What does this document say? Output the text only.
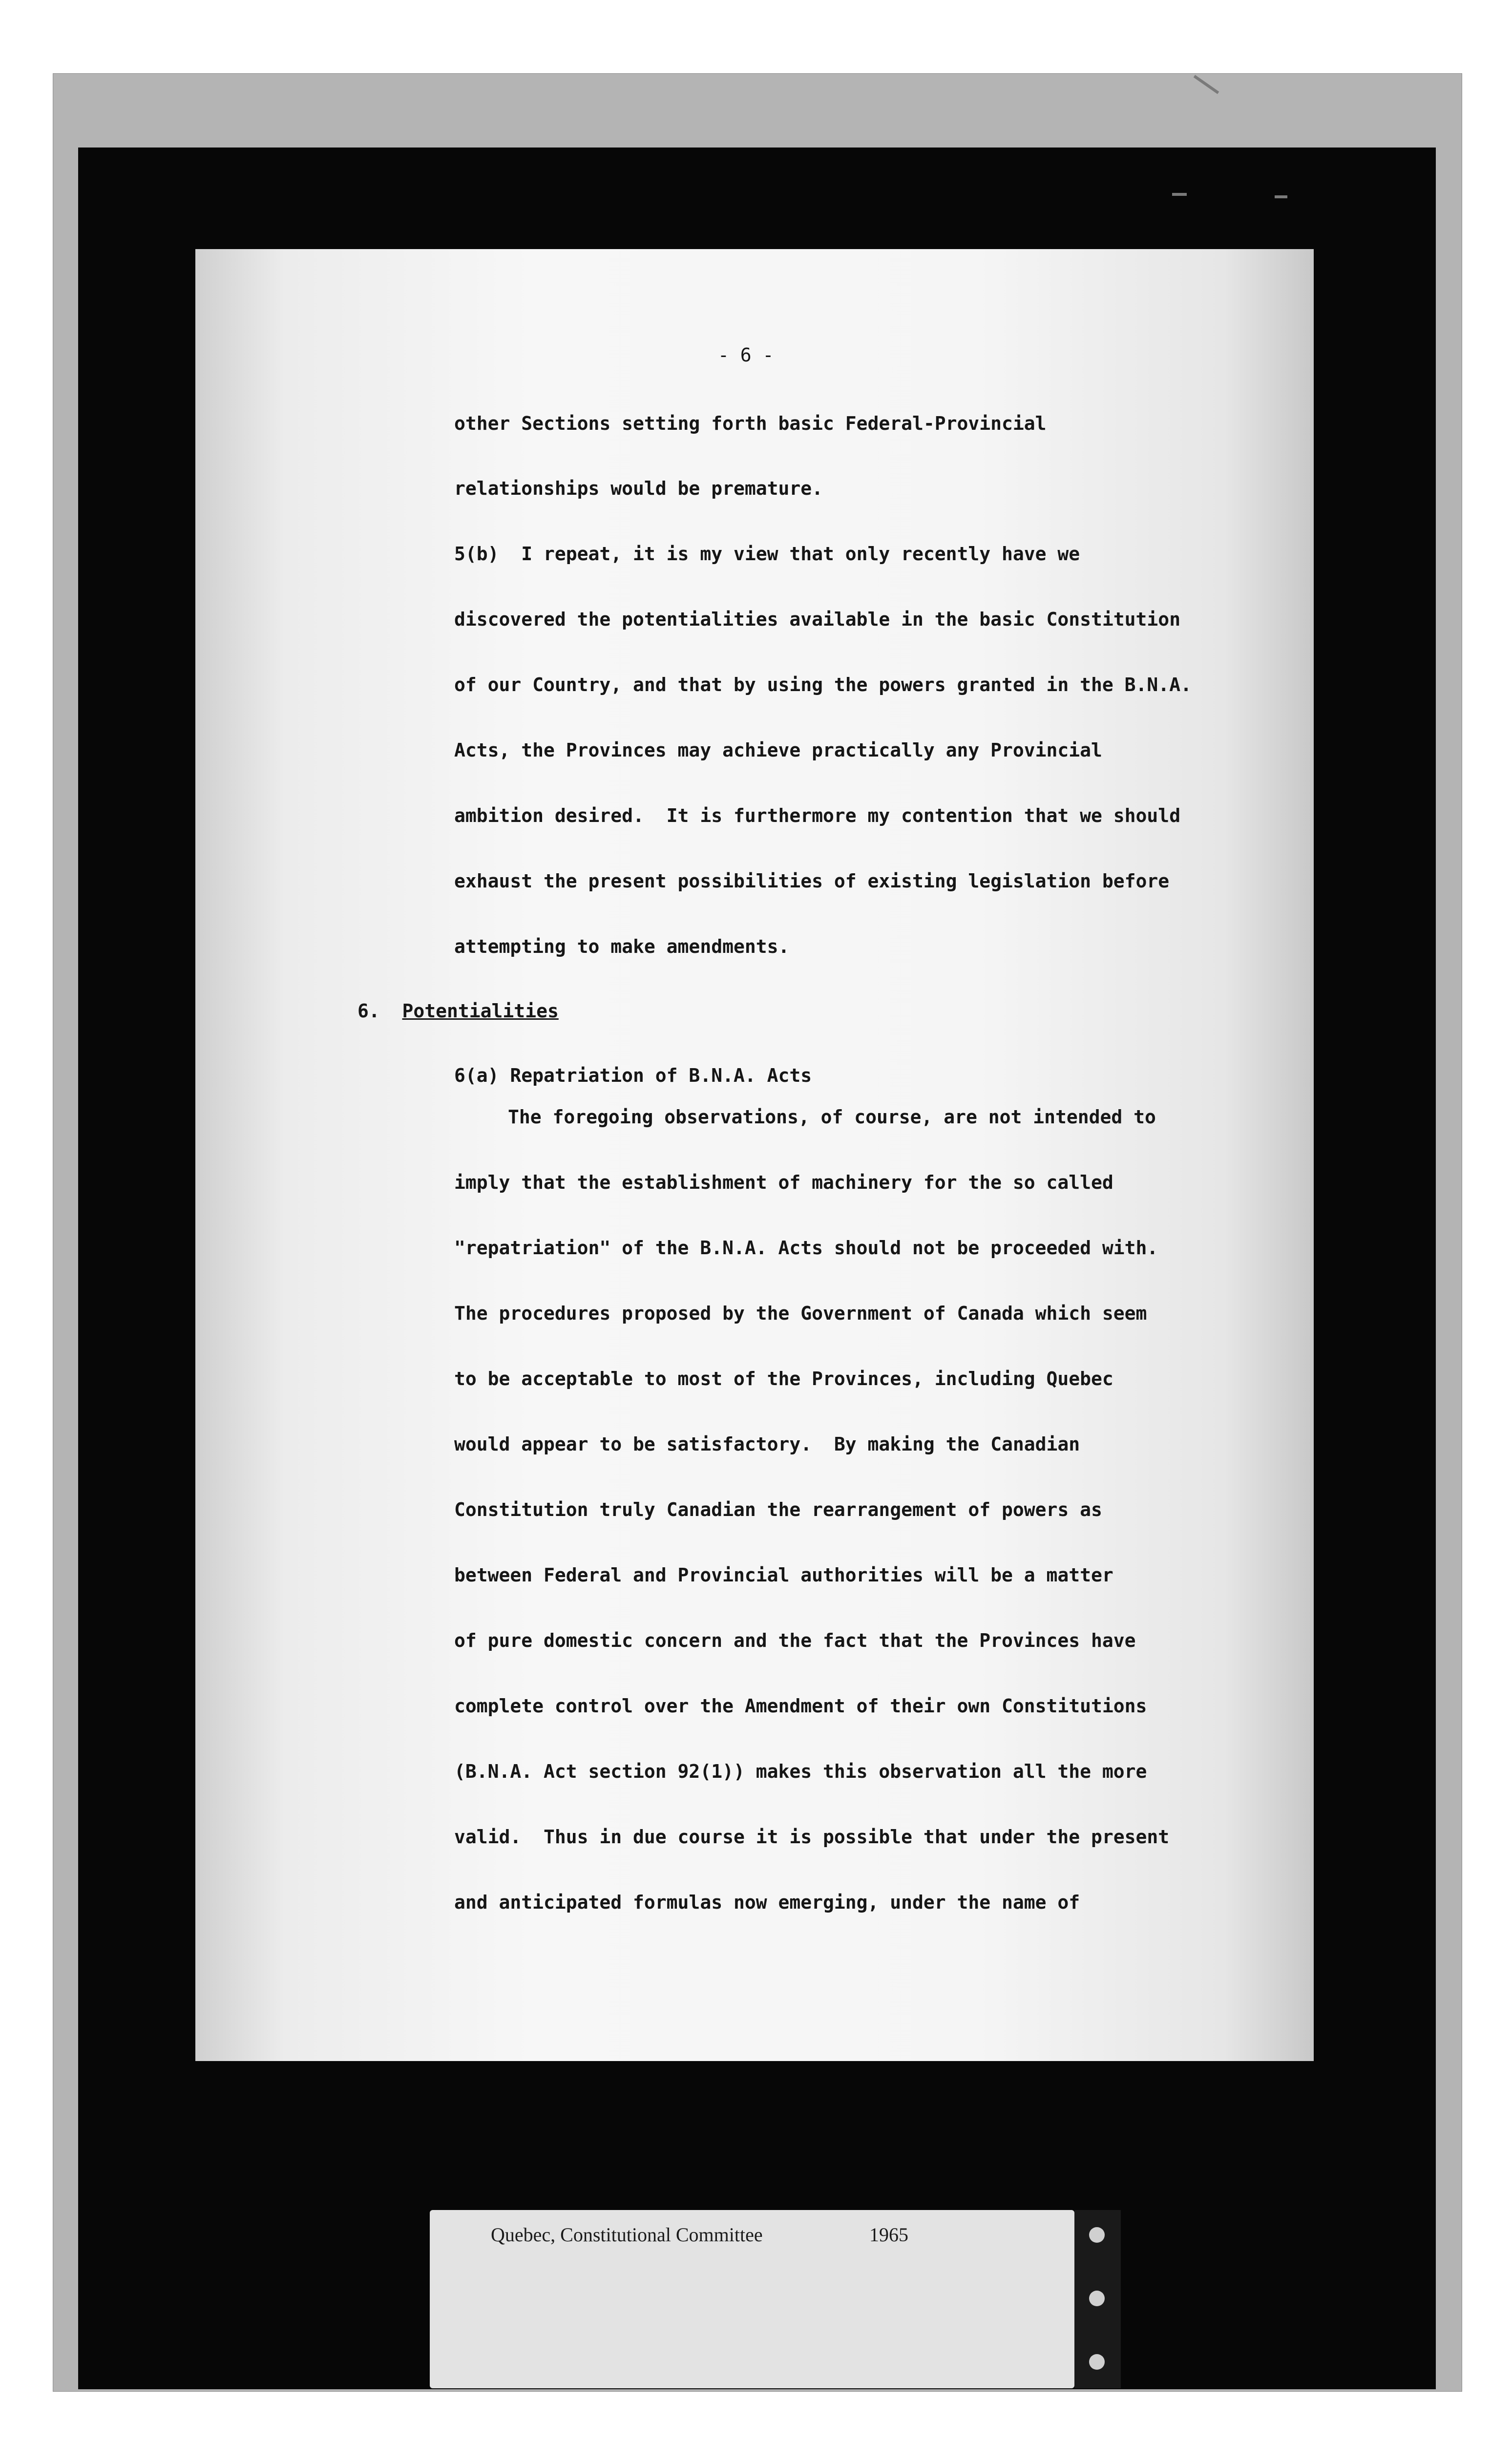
- 6 -

other Sections setting forth basic Federal-Provincial

relationships would be premature.

5(b)  I repeat, it is my view that only recently have we

discovered the potentialities available in the basic Constitution

of our Country, and that by using the powers granted in the B.N.A.

Acts, the Provinces may achieve practically any Provincial

ambition desired.  It is furthermore my contention that we should

exhaust the present possibilities of existing legislation before

attempting to make amendments.

6. Potentialities

6(a) Repatriation of B.N.A. Acts

The foregoing observations, of course, are not intended to

imply that the establishment of machinery for the so called

"repatriation" of the B.N.A. Acts should not be proceeded with.

The procedures proposed by the Government of Canada which seem

to be acceptable to most of the Provinces, including Quebec

would appear to be satisfactory.  By making the Canadian

Constitution truly Canadian the rearrangement of powers as

between Federal and Provincial authorities will be a matter

of pure domestic concern and the fact that the Provinces have

complete control over the Amendment of their own Constitutions

(B.N.A. Act section 92(1)) makes this observation all the more

valid.  Thus in due course it is possible that under the present

and anticipated formulas now emerging, under the name of

Quebec, Constitutional Committee	1965
